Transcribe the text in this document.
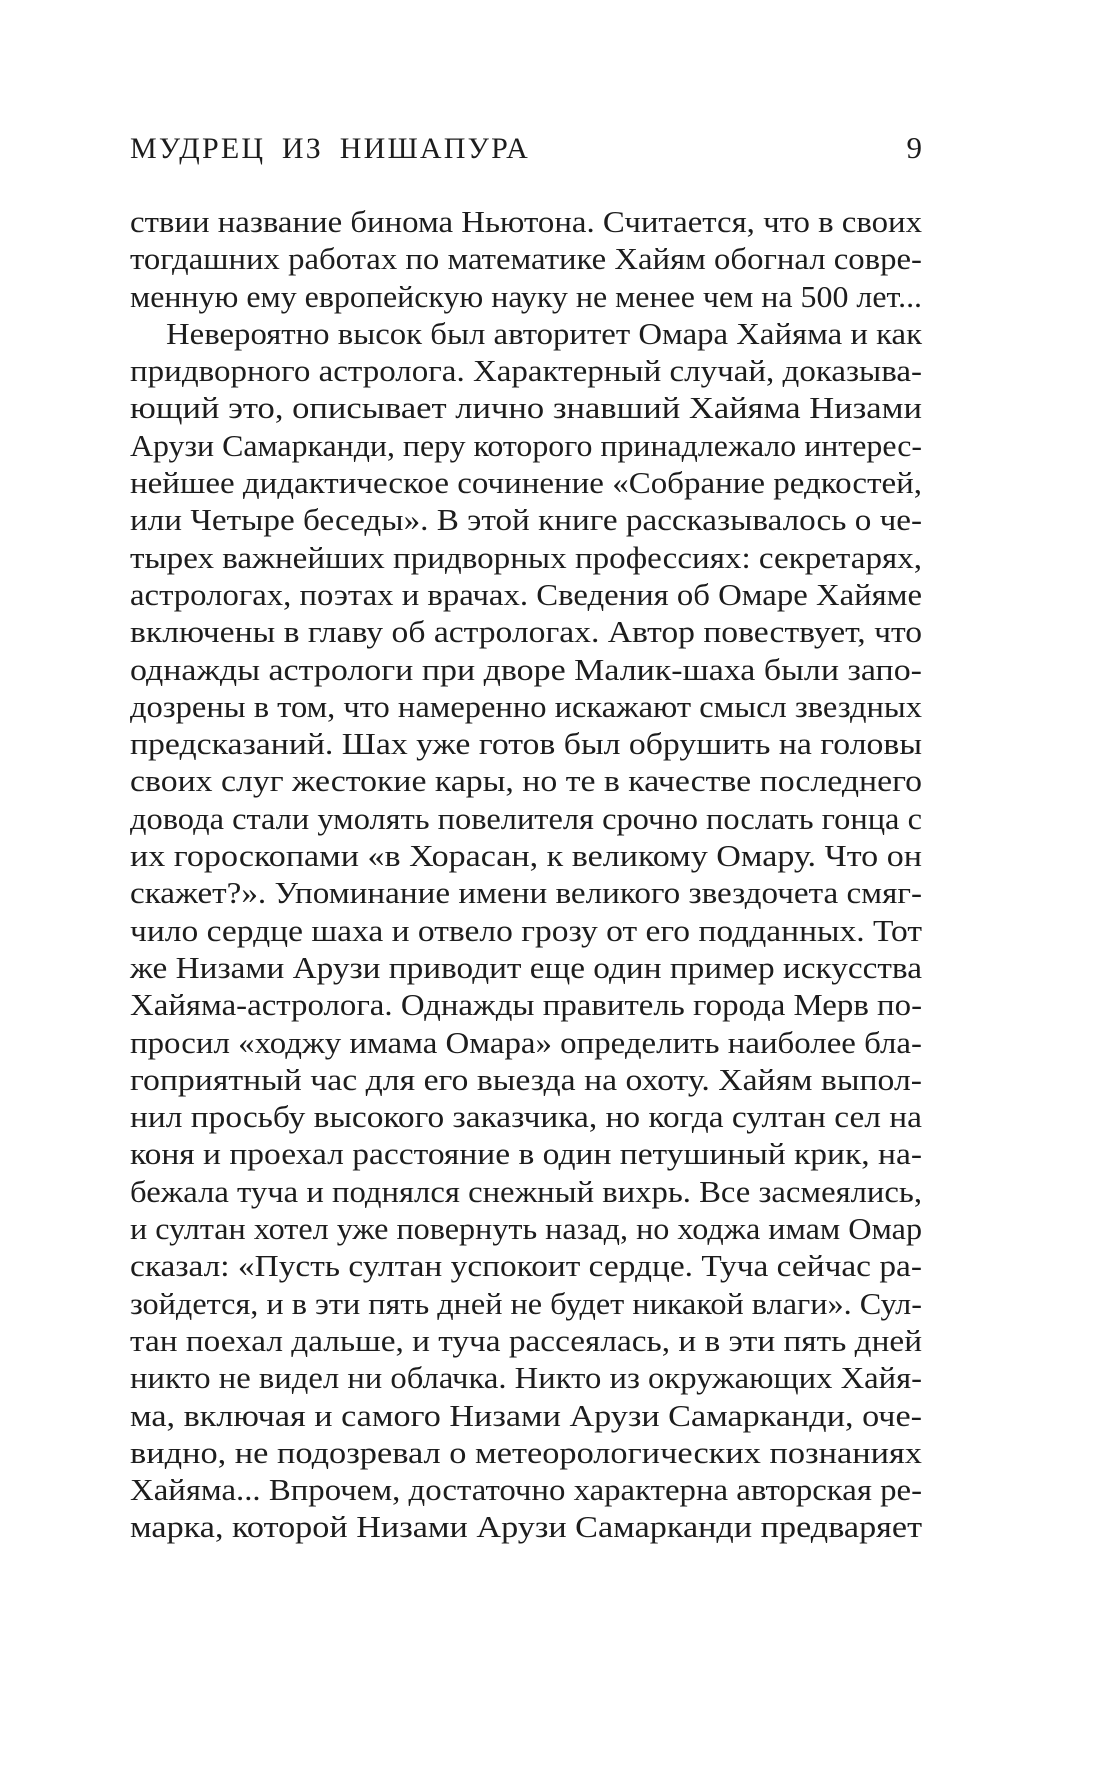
МУДРЕЦ ИЗ НИШАПУРА	9
ствии название бинома Ньютона. Считается, что в своих
тогдашних работах по математике Хайям обогнал совре-
менную ему европейскую науку не менее чем на 500 лет...
Невероятно высок был авторитет Омара Хайяма и как
придворного астролога. Характерный случай, доказыва-
ющий это, описывает лично знавший Хайяма Низами
Арузи Самарканди, перу которого принадлежало интерес-
нейшее дидактическое сочинение «Собрание редкостей,
или Четыре беседы». В этой книге рассказывалось о че-
тырех важнейших придворных профессиях: секретарях,
астрологах, поэтах и врачах. Сведения об Омаре Хайяме
включены в главу об астрологах. Автор повествует, что
однажды астрологи при дворе Малик-шаха были запо-
дозрены в том, что намеренно искажают смысл звездных
предсказаний. Шах уже готов был обрушить на головы
своих слуг жестокие кары, но те в качестве последнего
довода стали умолять повелителя срочно послать гонца с
их гороскопами «в Хорасан, к великому Омару. Что он
скажет?». Упоминание имени великого звездочета смяг-
чило сердце шаха и отвело грозу от его подданных. Тот
же Низами Арузи приводит еще один пример искусства
Хайяма-астролога. Однажды правитель города Мерв по-
просил «ходжу имама Омара» определить наиболее бла-
гоприятный час для его выезда на охоту. Хайям выпол-
нил просьбу высокого заказчика, но когда султан сел на
коня и проехал расстояние в один петушиный крик, на-
бежала туча и поднялся снежный вихрь. Все засмеялись,
и султан хотел уже повернуть назад, но ходжа имам Омар
сказал: «Пусть султан успокоит сердце. Туча сейчас ра-
зойдется, и в эти пять дней не будет никакой влаги». Сул-
тан поехал дальше, и туча рассеялась, и в эти пять дней
никто не видел ни облачка. Никто из окружающих Хайя-
ма, включая и самого Низами Арузи Самарканди, оче-
видно, не подозревал о метеорологических познаниях
Хайяма... Впрочем, достаточно характерна авторская ре-
марка, которой Низами Арузи Самарканди предваряет
